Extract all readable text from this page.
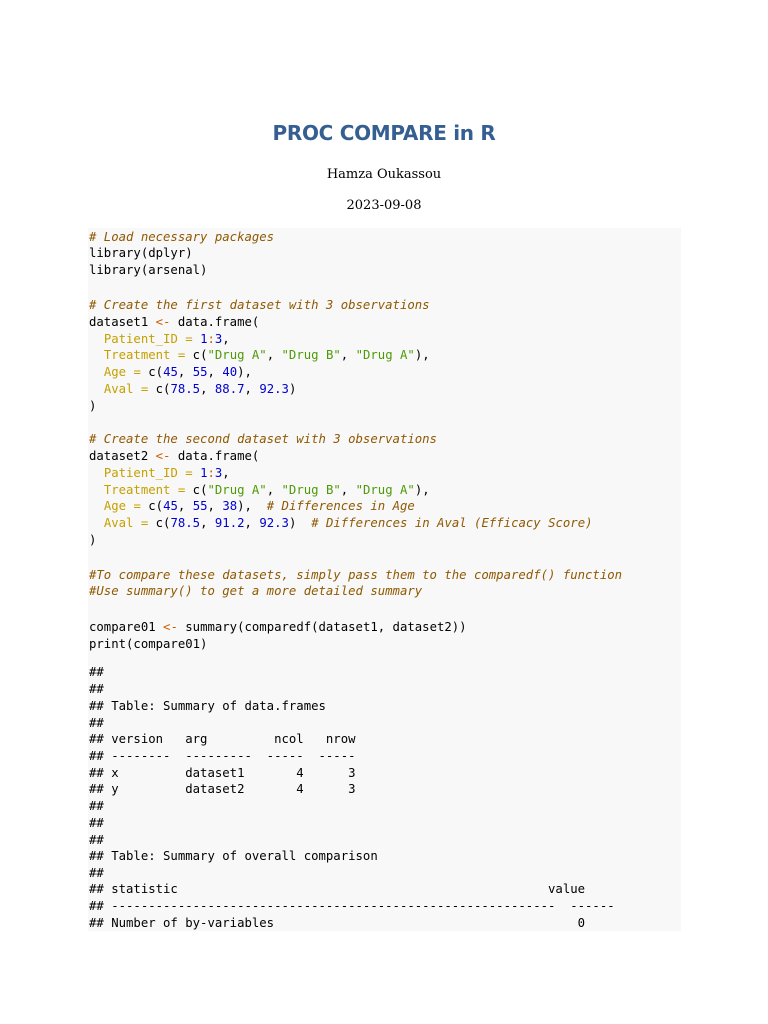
PROC COMPARE in R
Hamza Oukassou
2023-09-08
# Load necessary packages
library(dplyr)
library(arsenal)
# Create the first dataset with 3 observations
dataset1 <- data.frame(
Patient_ID = 1:3,
Treatment = c("Drug A", "Drug B", "Drug A"),
Age = c(45, 55, 40),
Aval = c(78.5, 88.7, 92.3)
)
# Create the second dataset with 3 observations
dataset2 <- data.frame(
Patient_ID = 1:3,
Treatment = c("Drug A", "Drug B", "Drug A"),
Age = c(45, 55, 38), # Differences in Age
Aval = c(78.5, 91.2, 92.3) # Differences in Aval (Efficacy Score)
)
#To compare these datasets, simply pass them to the comparedf() function
#Use summary() to get a more detailed summary
compare01 <- summary(comparedf(dataset1, dataset2))
print(compare01)
##
##
## Table: Summary of data.frames
##
## version   arg         ncol   nrow
## --------  ---------  -----  -----
## x         dataset1       4      3
## y         dataset2       4      3
##
##
##
## Table: Summary of overall comparison
##
## statistic                                                  value
## ------------------------------------------------------------  ------
## Number of by-variables                                         0
